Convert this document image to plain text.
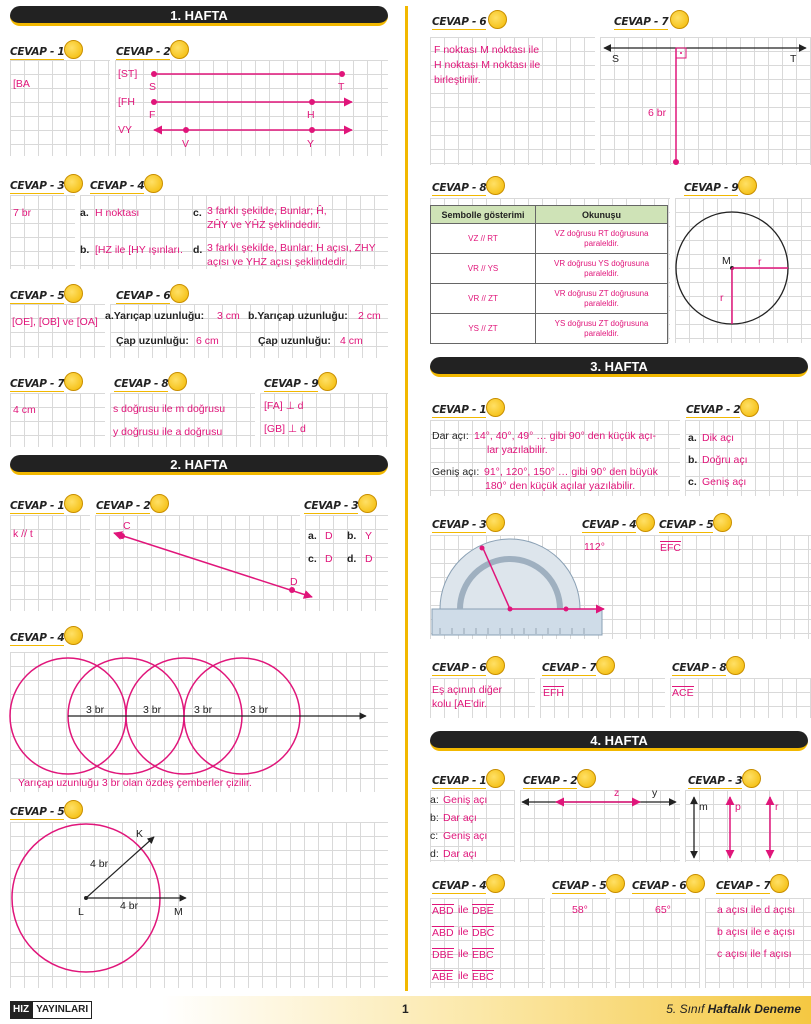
1. HAFTA
CEVAP - 1	CEVAP - 2
[BA
[ST]
[FH
VY
S	T
F	H
V	Y
CEVAP - 3 CEVAP - 4
7 br	a. H noktası
b. [HZ ile [HY ışınları.
c. 3 farklı şekilde, Bunlar; Ĥ,
ZĤY ve YĤZ şeklindedir.
d. 3 farklı şekilde, Bunlar; H açısı, ZHY
açısı ve YHZ açısı şeklindedir.
CEVAP - 5	CEVAP - 6
[OE], [OB] ve [OA] a.Yarıçap uzunluğu: 3 cm b.Yarıçap uzunluğu: 2 cm
Çap uzunluğu: 6 cm	Çap uzunluğu: 4 cm
CEVAP - 7	CEVAP - 8	CEVAP - 9
4 cm	s doğrusu ile m doğrusu
y doğrusu ile a doğrusu
[FA] ⊥ d
[GB] ⊥ d
2. HAFTA
CEVAP - 1	CEVAP - 2	CEVAP - 3
k // t
C
D
a. D b. Y
c. D d. D
CEVAP - 4
3 br	3 br	3 br	3 br
Yarıçap uzunluğu 3 br olan özdeş çemberler çizilir.
CEVAP - 5
K
L	M
4 br
4 br
CEVAP - 6	CEVAP - 7
F noktası M noktası ile
H noktası M noktası ile
birleştirilir.
S	T
6 br
CEVAP - 8
Sembolle gösterimi	Okunuşu
VZ // RT	VZ doğrusu RT doğrusuna paraleldir.
VR // YS	VR doğrusu YS doğrusuna paraleldir.
VR // ZT	VR doğrusu ZT doğrusuna paraleldir.
YS // ZT	YS doğrusu ZT doğrusuna paraleldir.
CEVAP - 9
M	r
r
3. HAFTA
CEVAP - 1	CEVAP - 2
Dar açı: 14°, 40°, 49° … gibi 90° den küçük açı-
lar yazılabilir.
Geniş açı: 91°, 120°, 150° … gibi 90° den büyük
180° den küçük açılar yazılabilir.
a. Dik açı
b. Doğru açı
c. Geniş açı
CEVAP - 3	CEVAP - 4 CEVAP - 5
112°	EFC
CEVAP - 6	CEVAP - 7	CEVAP - 8
Eş açının diğer
kolu [AE'dir.
EFH	ACE
4. HAFTA
CEVAP - 1	CEVAP - 2	CEVAP - 3
a: Geniş açı
b: Dar açı
c: Geniş açı
d: Dar açı
z	y
m	p	r
CEVAP - 4	CEVAP - 5 CEVAP - 6	CEVAP - 7
ABD ile DBE
ABD ile DBC
DBE ile EBC
ABE ile EBC
58°	65°	a açısı ile d açısı
b açısı ile e açısı
c açısı ile f açısı
HIZ YAYINLARI	1	5. Sınıf Haftalık Deneme
